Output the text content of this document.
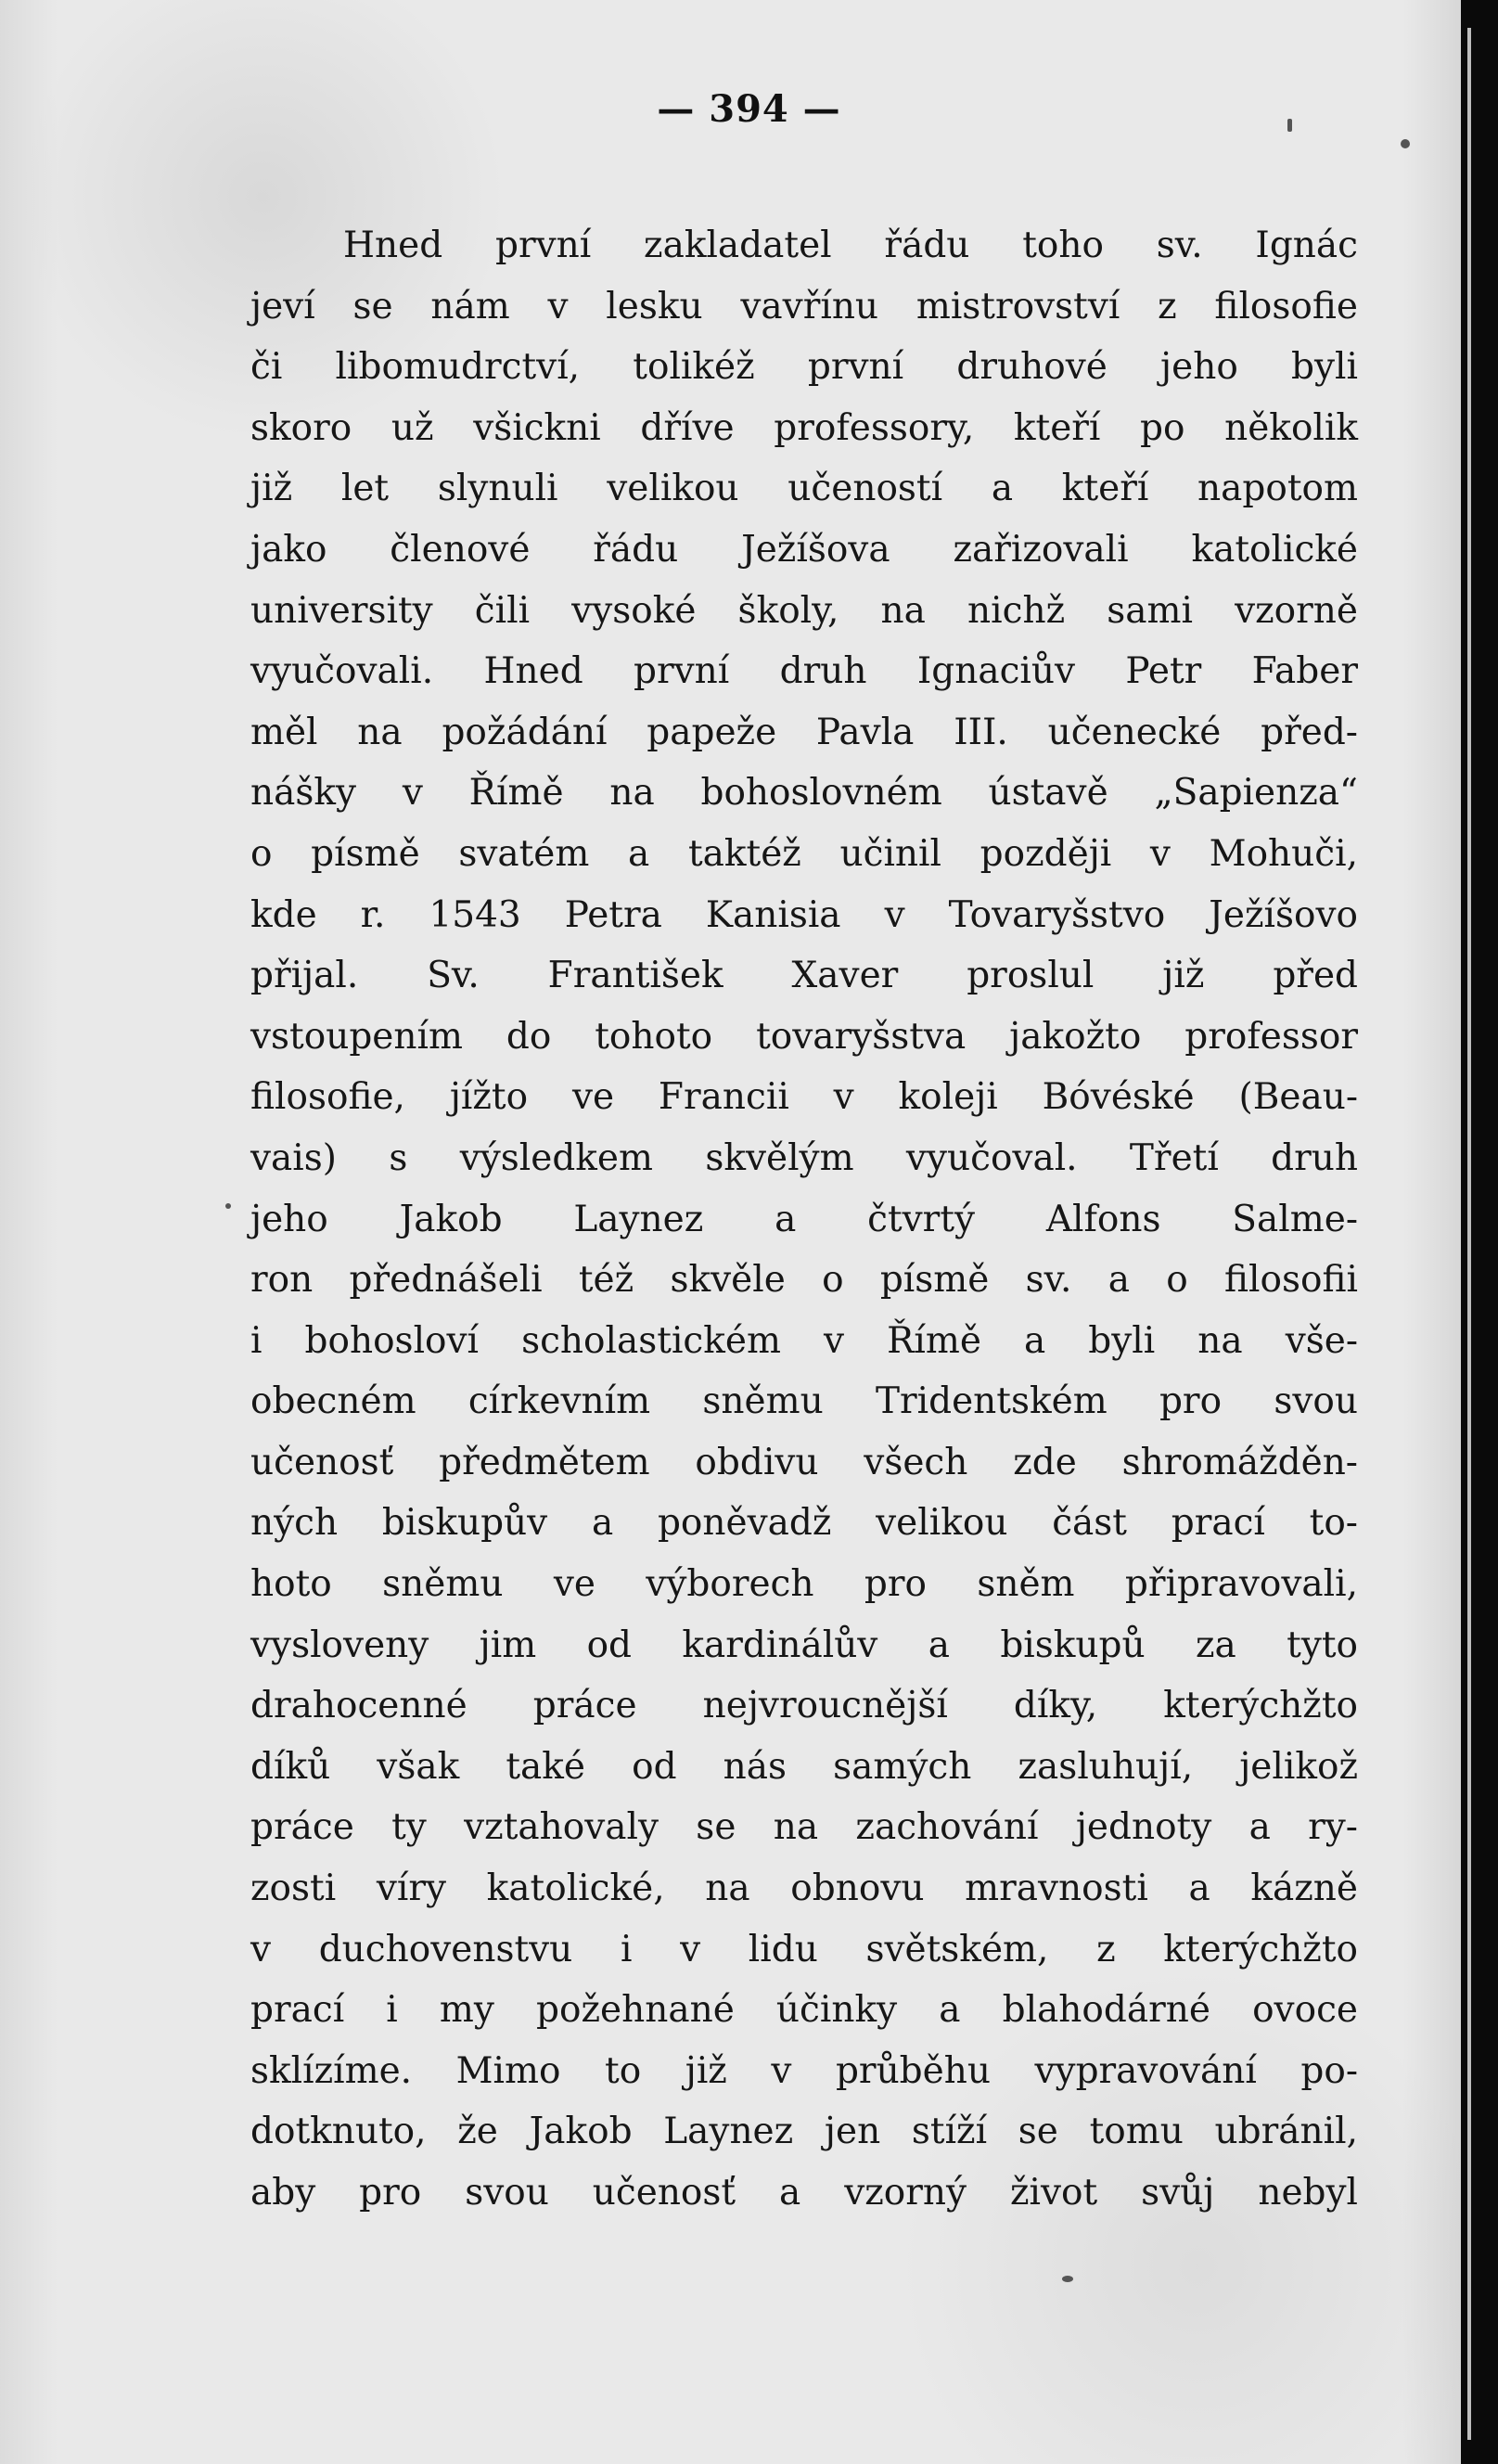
— 394 —
Hned první zakladatel řádu toho sv. Ignác
jeví se nám v lesku vavřínu mistrovství z filosofie
či libomudrctví, tolikéž první druhové jeho byli
skoro už všickni dříve professory, kteří po několik
již let slynuli velikou učeností a kteří napotom
jako členové řádu Ježíšova zařizovali katolické
university čili vysoké školy, na nichž sami vzorně
vyučovali. Hned první druh Ignaciův Petr Faber
měl na požádání papeže Pavla III. učenecké před-
nášky v Římě na bohoslovném ústavě „Sapienza“
o písmě svatém a taktéž učinil později v Mohuči,
kde r. 1543 Petra Kanisia v Tovaryšstvo Ježíšovo
přijal. Sv. František Xaver proslul již před
vstoupením do tohoto tovaryšstva jakožto professor
filosofie, jížto ve Francii v koleji Bóvéské (Beau-
vais) s výsledkem skvělým vyučoval. Třetí druh
jeho Jakob Laynez a čtvrtý Alfons Salme-
ron přednášeli též skvěle o písmě sv. a o filosofii
i bohosloví scholastickém v Římě a byli na vše-
obecném církevním sněmu Tridentském pro svou
učenosť předmětem obdivu všech zde shromážděn-
ných biskupův a poněvadž velikou část prací to-
hoto sněmu ve výborech pro sněm připravovali,
vysloveny jim od kardinálův a biskupů za tyto
drahocenné práce nejvroucnější díky, kterýchžto
díků však také od nás samých zasluhují, jelikož
práce ty vztahovaly se na zachování jednoty a ry-
zosti víry katolické, na obnovu mravnosti a kázně
v duchovenstvu i v lidu světském, z kterýchžto
prací i my požehnané účinky a blahodárné ovoce
sklízíme. Mimo to již v průběhu vypravování po-
dotknuto, že Jakob Laynez jen stíží se tomu ubránil,
aby pro svou učenosť a vzorný život svůj nebyl
